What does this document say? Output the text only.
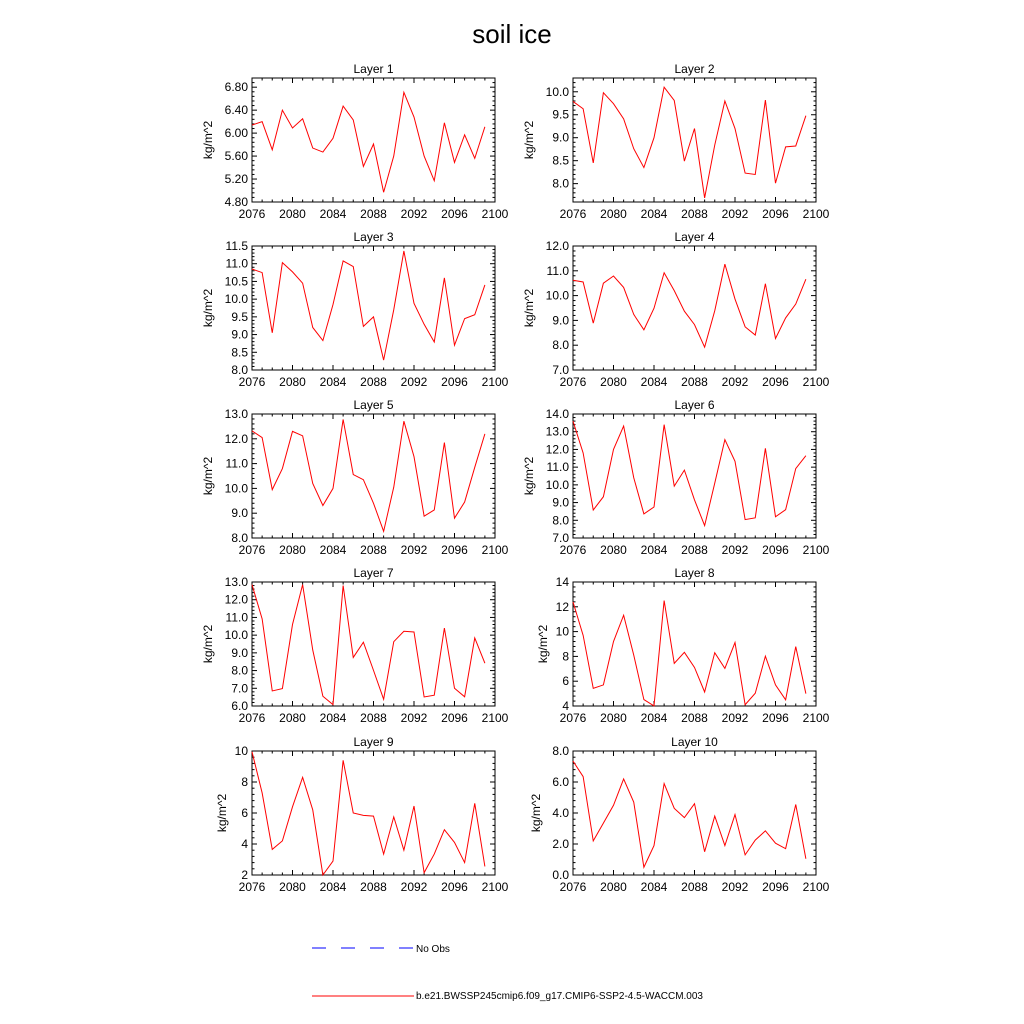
soil ice
Layer 1
2076 2080 2084 2088 2092 2096 2100
4.80
5.20
5.60
6.00
6.40
6.80
kg/m^2
Layer 2
2076 2080 2084 2088 2092 2096 2100
8.0
8.5
9.0
9.5
10.0
kg/m^2
Layer 3
2076 2080 2084 2088 2092 2096 2100
8.0
8.5
9.0
9.5
10.0
10.5
11.0
11.5
kg/m^2
Layer 4
2076 2080 2084 2088 2092 2096 2100
7.0
8.0
9.0
10.0
11.0
12.0
kg/m^2
Layer 5
2076 2080 2084 2088 2092 2096 2100
8.0
9.0
10.0
11.0
12.0
13.0
kg/m^2
Layer 6
2076 2080 2084 2088 2092 2096 2100
7.0
8.0
9.0
10.0
11.0
12.0
13.0
14.0
kg/m^2
Layer 7
2076 2080 2084 2088 2092 2096 2100
6.0
7.0
8.0
9.0
10.0
11.0
12.0
13.0
kg/m^2
Layer 8
2076 2080 2084 2088 2092 2096 2100
4
6
8
10
12
14
kg/m^2
Layer 9
2076 2080 2084 2088 2092 2096 2100
2
4
6
8
10
kg/m^2
Layer 10
2076 2080 2084 2088 2092 2096 2100
0.0
2.0
4.0
6.0
8.0
kg/m^2
No Obs
b.e21.BWSSP245cmip6.f09_g17.CMIP6-SSP2-4.5-WACCM.003
